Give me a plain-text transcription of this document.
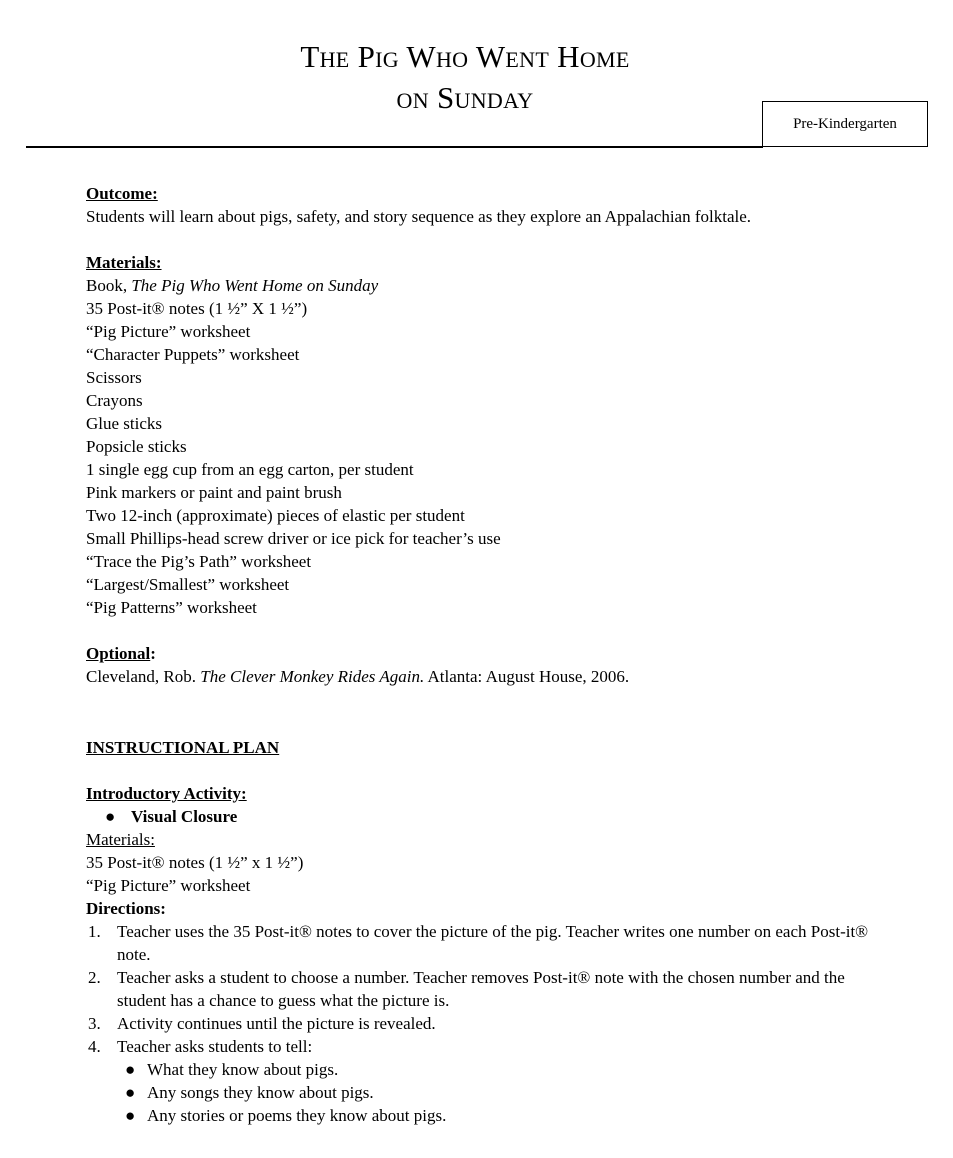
The Pig Who Went Home
on Sunday
Pre-Kindergarten

Outcome:

Students will learn about pigs, safety, and story sequence as they explore an Appalachian folktale.

Materials:

Book, The Pig Who Went Home on Sunday

35 Post-it® notes (1 ½” X 1 ½”)

“Pig Picture” worksheet

“Character Puppets” worksheet

Scissors

Crayons

Glue sticks

Popsicle sticks

1 single egg cup from an egg carton, per student

Pink markers or paint and paint brush

Two 12-inch (approximate) pieces of elastic per student

Small Phillips-head screw driver or ice pick for teacher’s use

“Trace the Pig’s Path” worksheet

“Largest/Smallest” worksheet

“Pig Patterns” worksheet

Optional:

Cleveland, Rob. The Clever Monkey Rides Again. Atlanta: August House, 2006.

INSTRUCTIONAL PLAN

Introductory Activity:

● Visual Closure

Materials:

35 Post-it® notes (1 ½” x 1 ½”)

“Pig Picture” worksheet

Directions:

1. Teacher uses the 35 Post-it® notes to cover the picture of the pig. Teacher writes one number on each Post-it® note.
2. Teacher asks a student to choose a number. Teacher removes Post-it® note with the chosen number and the student has a chance to guess what the picture is.
3. Activity continues until the picture is revealed.
4. Teacher asks students to tell:
● What they know about pigs.
● Any songs they know about pigs.
● Any stories or poems they know about pigs.
